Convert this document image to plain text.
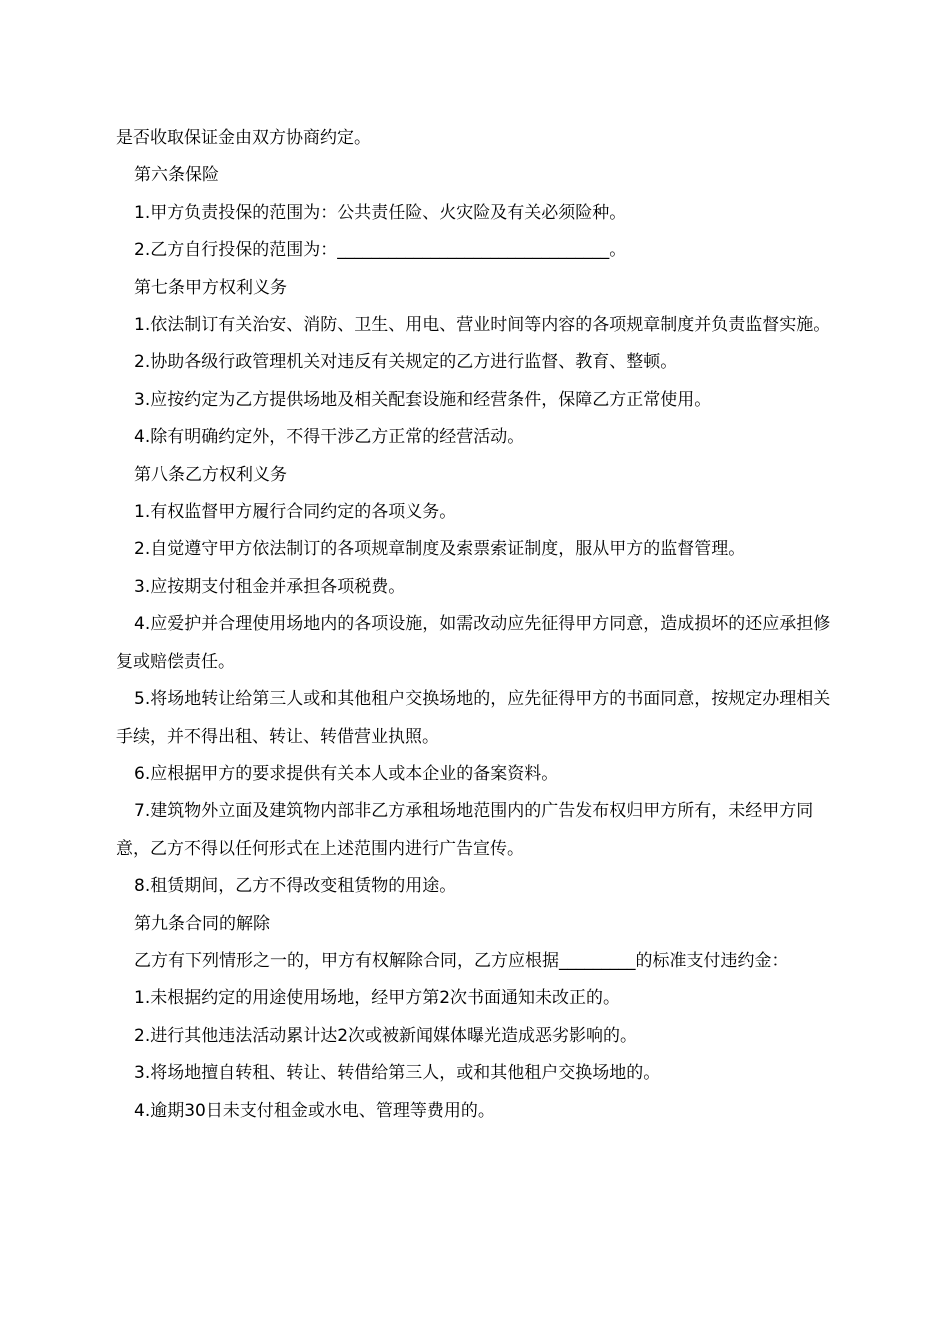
是否收取保证金由双方协商约定。

第六条保险

1.甲方负责投保的范围为：公共责任险、火灾险及有关必须险种。

2.乙方自行投保的范围为：________________________________。

第七条甲方权利义务

1.依法制订有关治安、消防、卫生、用电、营业时间等内容的各项规章制度并负责监督实施。

2.协助各级行政管理机关对违反有关规定的乙方进行监督、教育、整顿。

3.应按约定为乙方提供场地及相关配套设施和经营条件，保障乙方正常使用。

4.除有明确约定外，不得干涉乙方正常的经营活动。

第八条乙方权利义务

1.有权监督甲方履行合同约定的各项义务。

2.自觉遵守甲方依法制订的各项规章制度及索票索证制度，服从甲方的监督管理。

3.应按期支付租金并承担各项税费。

4.应爱护并合理使用场地内的各项设施，如需改动应先征得甲方同意，造成损坏的还应承担修复或赔偿责任。

5.将场地转让给第三人或和其他租户交换场地的，应先征得甲方的书面同意，按规定办理相关手续，并不得出租、转让、转借营业执照。

6.应根据甲方的要求提供有关本人或本企业的备案资料。

7.建筑物外立面及建筑物内部非乙方承租场地范围内的广告发布权归甲方所有，未经甲方同意，乙方不得以任何形式在上述范围内进行广告宣传。

8.租赁期间，乙方不得改变租赁物的用途。

第九条合同的解除

乙方有下列情形之一的，甲方有权解除合同，乙方应根据_________的标准支付违约金：

1.未根据约定的用途使用场地，经甲方第2次书面通知未改正的。

2.进行其他违法活动累计达2次或被新闻媒体曝光造成恶劣影响的。

3.将场地擅自转租、转让、转借给第三人，或和其他租户交换场地的。

4.逾期30日未支付租金或水电、管理等费用的。
